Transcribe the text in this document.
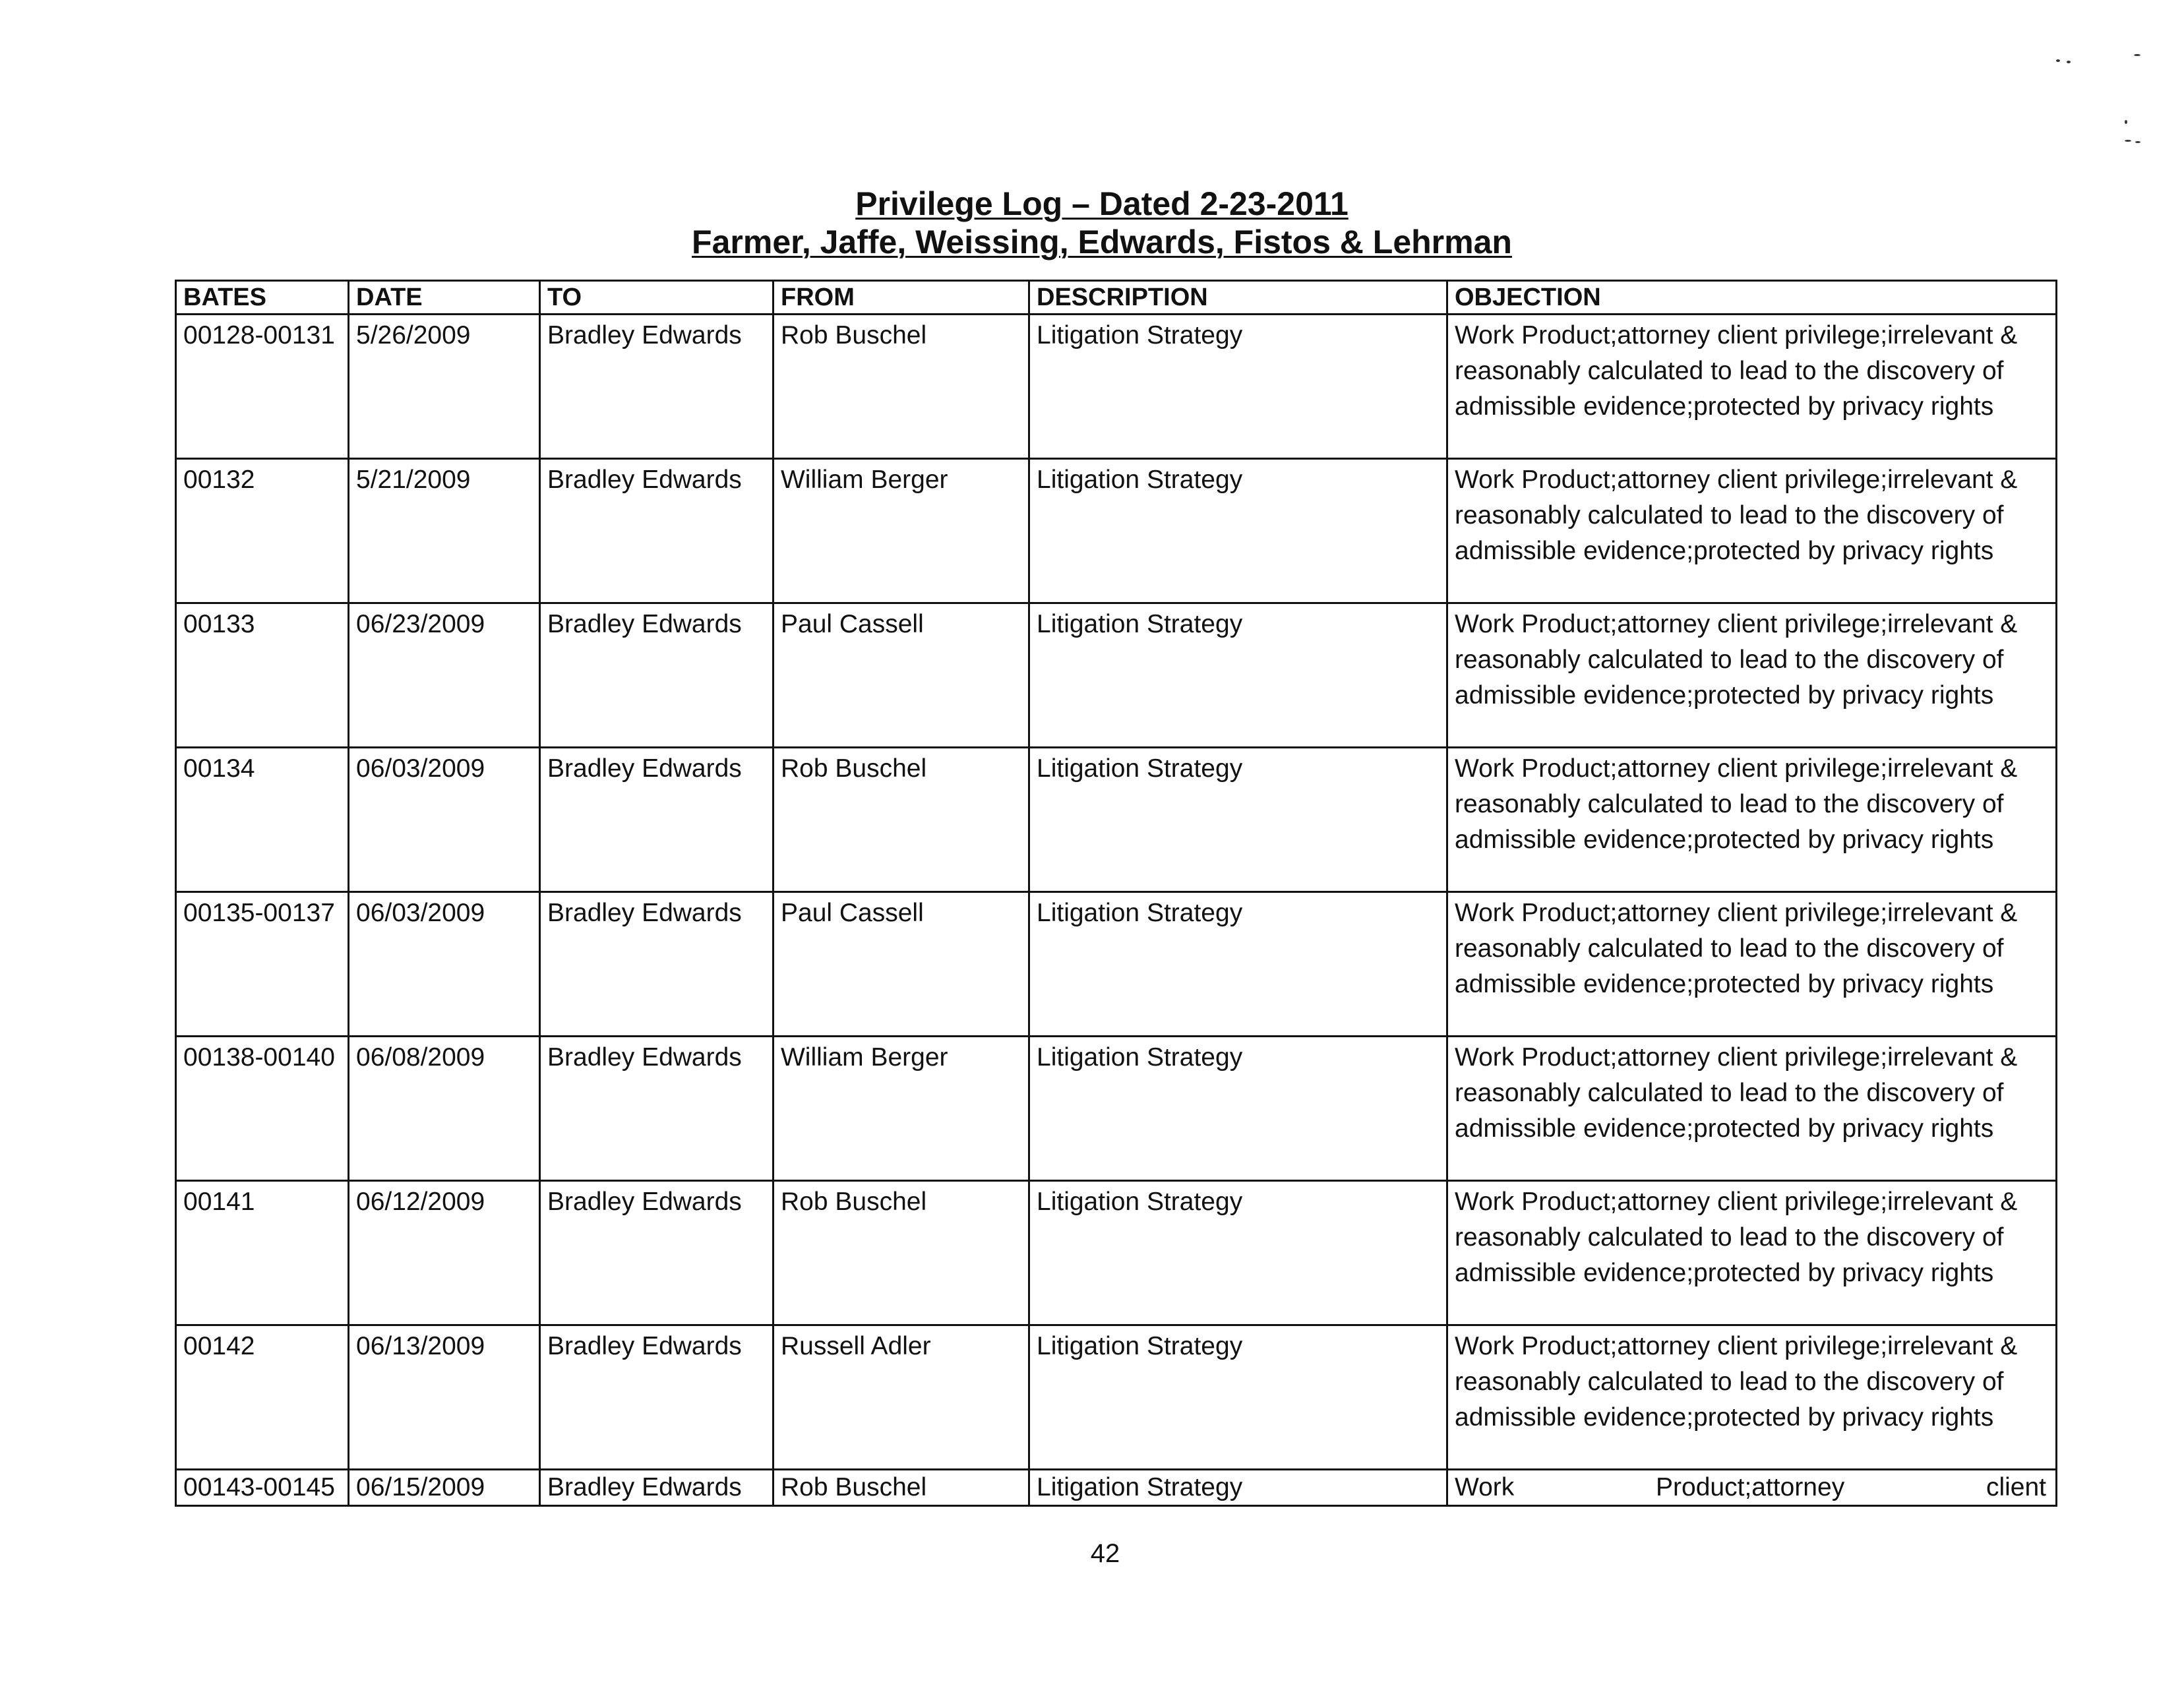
Privilege Log – Dated 2-23-2011
Farmer, Jaffe, Weissing, Edwards, Fistos & Lehrman
BATES	DATE	TO	FROM	DESCRIPTION	OBJECTION
00128-00131	5/26/2009	Bradley Edwards	Rob Buschel	Litigation Strategy	Work Product;attorney client privilege;irrelevant & reasonably calculated to lead to the discovery of admissible evidence;protected by privacy rights
00132	5/21/2009	Bradley Edwards	William Berger	Litigation Strategy	Work Product;attorney client privilege;irrelevant & reasonably calculated to lead to the discovery of admissible evidence;protected by privacy rights
00133	06/23/2009	Bradley Edwards	Paul Cassell	Litigation Strategy	Work Product;attorney client privilege;irrelevant & reasonably calculated to lead to the discovery of admissible evidence;protected by privacy rights
00134	06/03/2009	Bradley Edwards	Rob Buschel	Litigation Strategy	Work Product;attorney client privilege;irrelevant & reasonably calculated to lead to the discovery of admissible evidence;protected by privacy rights
00135-00137	06/03/2009	Bradley Edwards	Paul Cassell	Litigation Strategy	Work Product;attorney client privilege;irrelevant & reasonably calculated to lead to the discovery of admissible evidence;protected by privacy rights
00138-00140	06/08/2009	Bradley Edwards	William Berger	Litigation Strategy	Work Product;attorney client privilege;irrelevant & reasonably calculated to lead to the discovery of admissible evidence;protected by privacy rights
00141	06/12/2009	Bradley Edwards	Rob Buschel	Litigation Strategy	Work Product;attorney client privilege;irrelevant & reasonably calculated to lead to the discovery of admissible evidence;protected by privacy rights
00142	06/13/2009	Bradley Edwards	Russell Adler	Litigation Strategy	Work Product;attorney client privilege;irrelevant & reasonably calculated to lead to the discovery of admissible evidence;protected by privacy rights
00143-00145	06/15/2009	Bradley Edwards	Rob Buschel	Litigation Strategy	Work Product;attorney client
42
